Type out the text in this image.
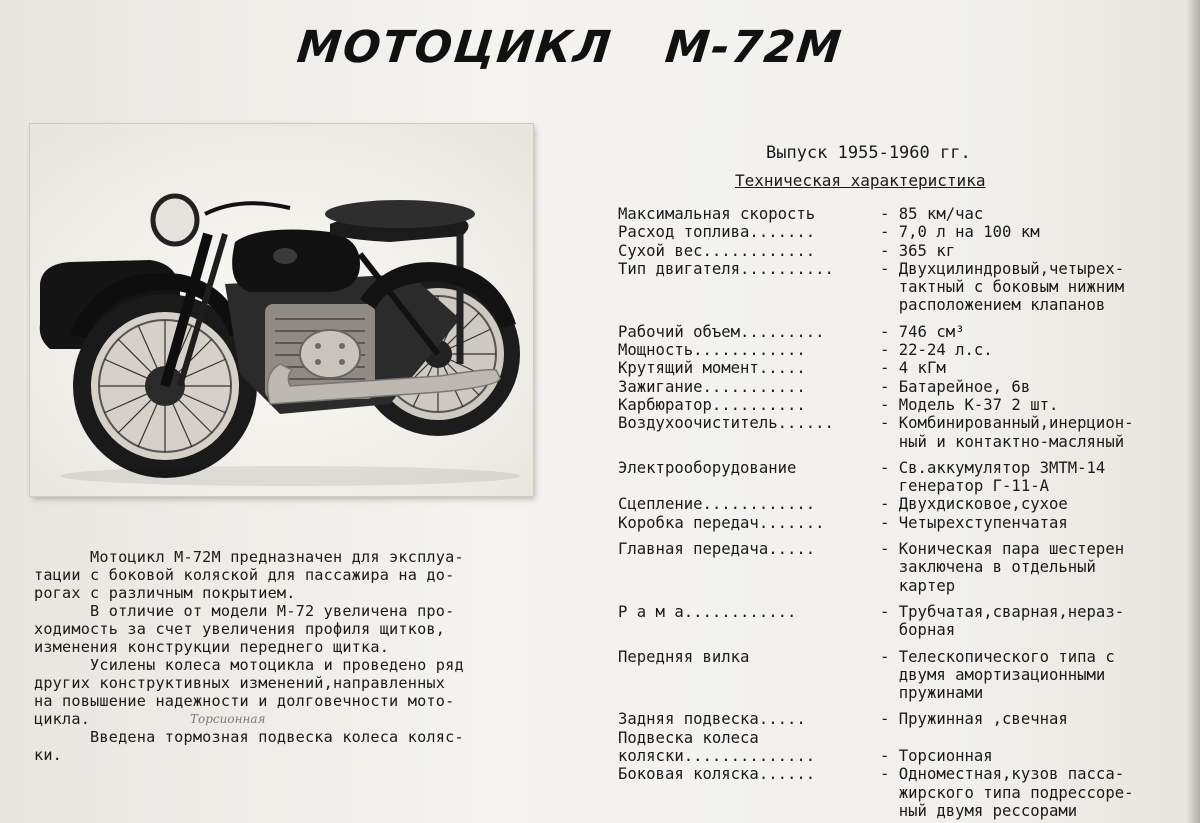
МОТОЦИКЛ М-72М

Мотоцикл М-72М предназначен для эксплуа-

тации с боковой коляской для пассажира на до-

рогах с различным покрытием.

В отличие от модели М-72 увеличена про-

ходимость за счет увеличения профиля щитков,

изменения конструкции переднего щитка.

Усилены колеса мотоцикла и проведено ряд

других конструктивных изменений,направленных

на повышение надежности и долговечности мото-

цикла.

Введена тормозная подвеска колеса коляс-

ки.

Торсионная
Выпуск 1955-1960 гг.
Техническая характеристика
Максимальная скорость	- 85 км/час
Расход топлива.......	- 7,0 л на 100 км
Сухой вес............	- 365 кг
Тип двигателя..........	- Двухцилиндровый,четырех-
тактный с боковым нижним
расположением клапанов
Рабочий объем.........	- 746 см³
Мощность............	- 22-24 л.с.
Крутящий момент.....	- 4 кГм
Зажигание...........	- Батарейное, 6в
Карбюратор..........	- Модель К-37 2 шт.
Воздухоочиститель......	- Комбинированный,инерцион-
ный и контактно-масляный
Электрооборудование	- Св.аккумулятор ЗМТМ-14
генератор Г-11-А
Сцепление............	- Двухдисковое,сухое
Коробка передач.......	- Четырехступенчатая
Главная передача.....	- Коническая пара шестерен
заключена в отдельный
картер
Р а м а............	- Трубчатая,сварная,нераз-
борная
Передняя вилка	- Телескопического типа с
двумя амортизационными
пружинами
Задняя подвеска.....	- Пружинная ,свечная
Подвеска колеса
коляски..............	- Торсионная
Боковая коляска......	- Одноместная,кузов пасса-
жирского типа подрессоре-
ный двумя рессорами
